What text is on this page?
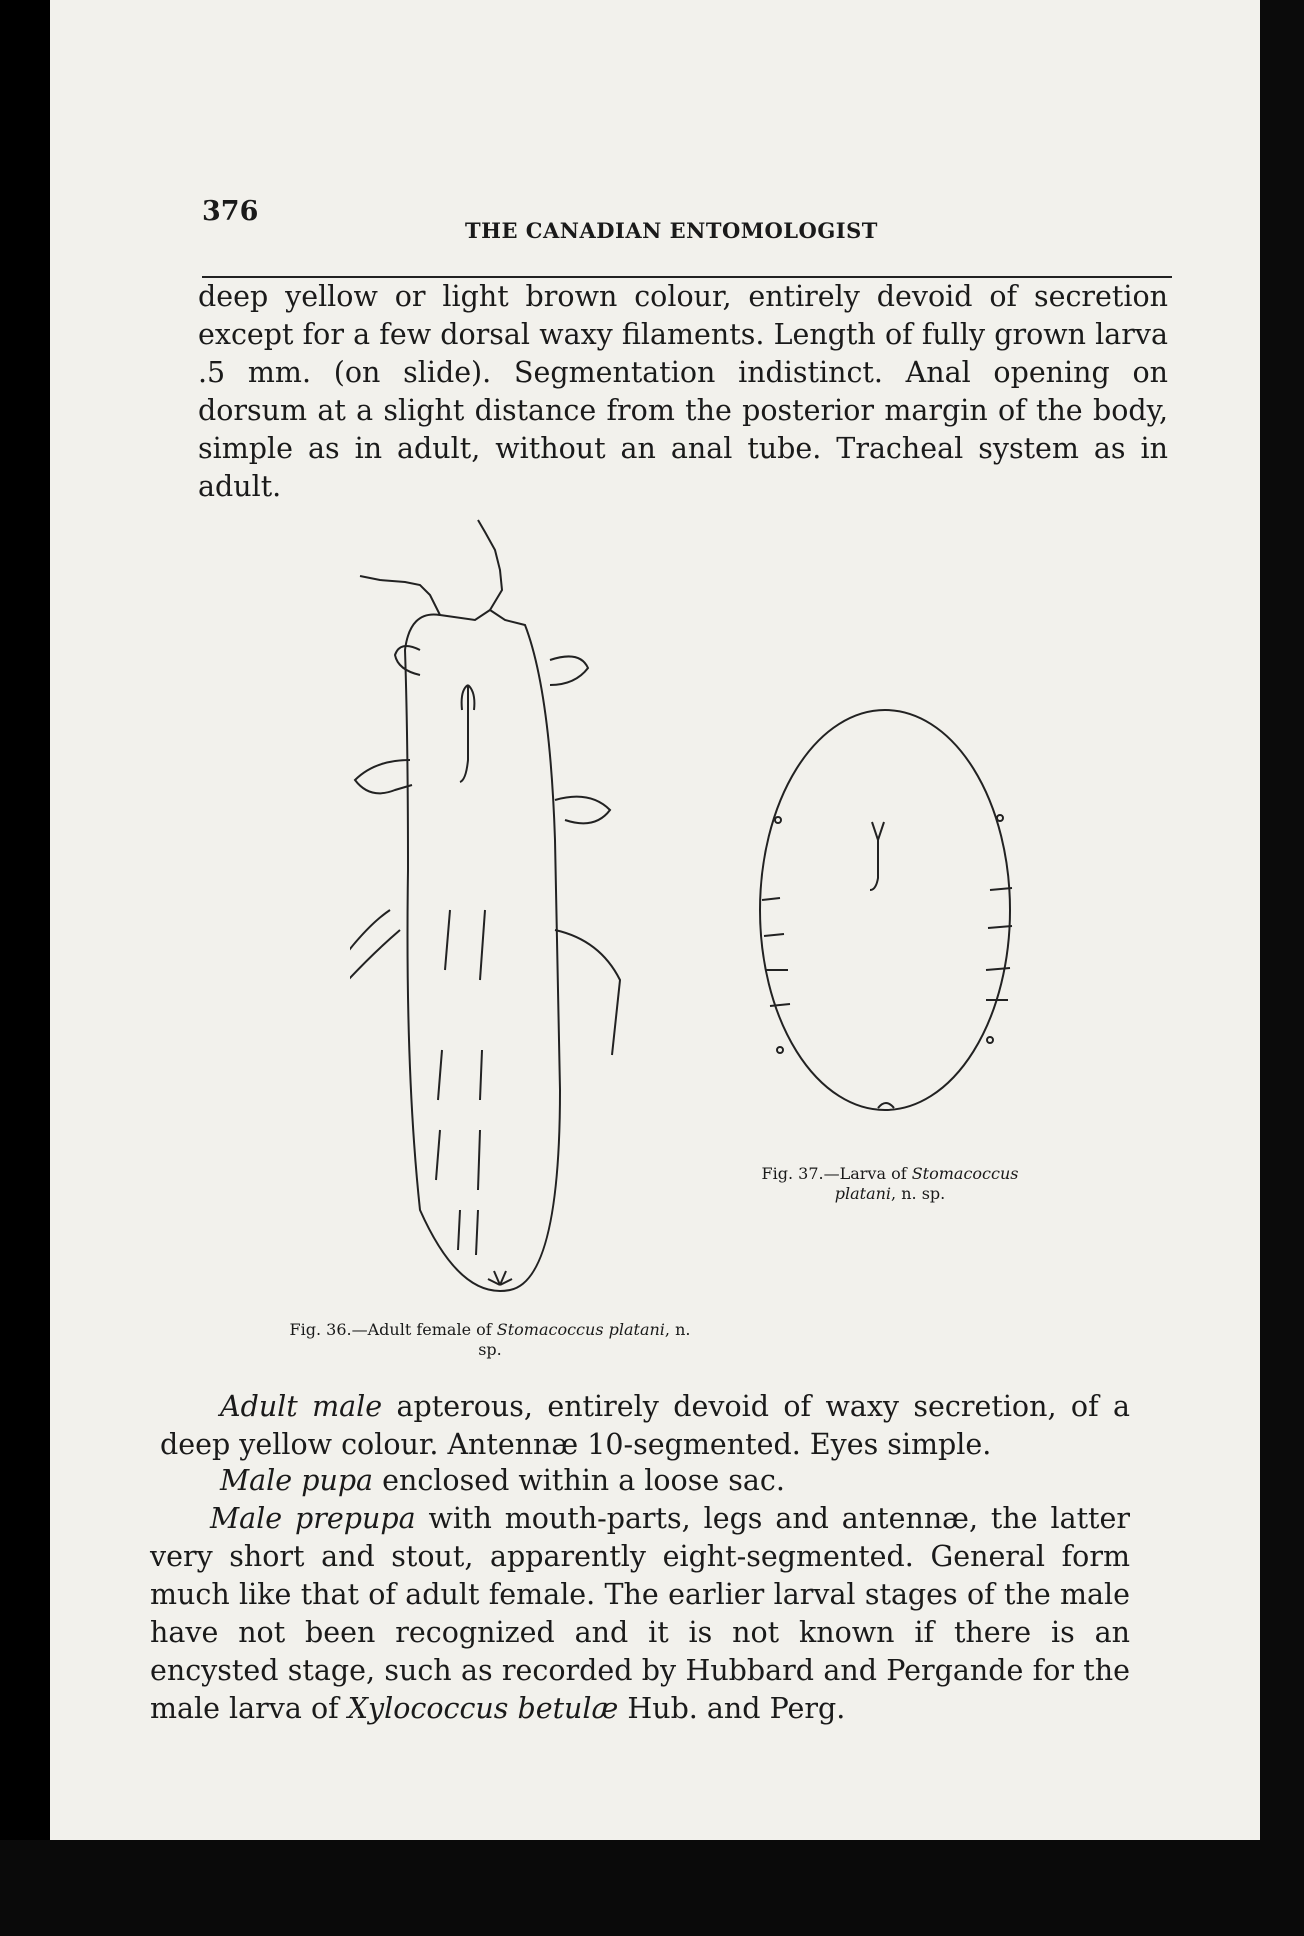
376
THE CANADIAN ENTOMOLOGIST

deep yellow or light brown colour, entirely devoid of secretion except for a few dorsal waxy filaments. Length of fully grown larva .5 mm. (on slide). Segmentation indistinct. Anal opening on dorsum at a slight distance from the posterior margin of the body, simple as in adult, without an anal tube. Tracheal system as in adult.

Fig. 36.—Adult female of Stomacoccus platani, n. sp.
Fig. 37.—Larva of Stomacoccus platani, n. sp.

Adult male apterous, entirely devoid of waxy secretion, of a deep yellow colour. Antennæ 10-segmented. Eyes simple.

Male pupa enclosed within a loose sac.

Male prepupa with mouth-parts, legs and antennæ, the latter very short and stout, apparently eight-segmented. General form much like that of adult female. The earlier larval stages of the male have not been recognized and it is not known if there is an encysted stage, such as recorded by Hubbard and Pergande for the male larva of Xylococcus betulæ Hub. and Perg.
